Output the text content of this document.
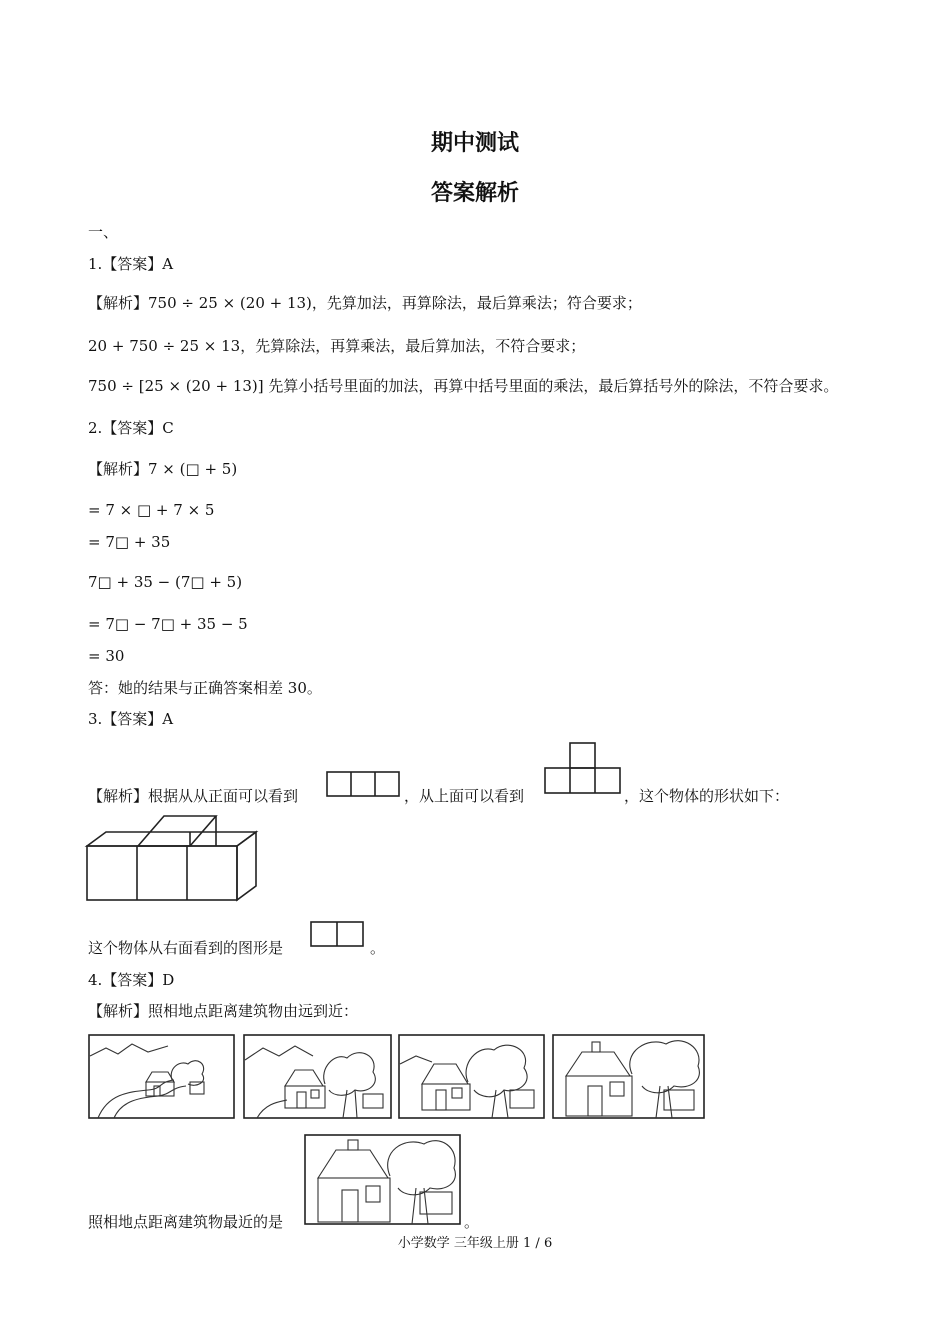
期中测试
答案解析
一、
1.【答案】A
【解析】750 ÷ 25 × (20 + 13)，先算加法，再算除法，最后算乘法；符合要求；
20 + 750 ÷ 25 × 13，先算除法，再算乘法，最后算加法，不符合要求；
750 ÷ [25 × (20 + 13)] 先算小括号里面的加法，再算中括号里面的乘法，最后算括号外的除法，不符合要求。
2.【答案】C
【解析】7 × (□ + 5)
= 7 × □ + 7 × 5
= 7□ + 35
7□ + 35 − (7□ + 5)
= 7□ − 7□ + 35 − 5
= 30
答：她的结果与正确答案相差 30。
3.【答案】A
【解析】根据从从正面可以看到	，从上面可以看到	，这个物体的形状如下：
这个物体从右面看到的图形是	。
4.【答案】D
【解析】照相地点距离建筑物由远到近：
照相地点距离建筑物最近的是	。
小学数学 三年级上册 1 / 6
